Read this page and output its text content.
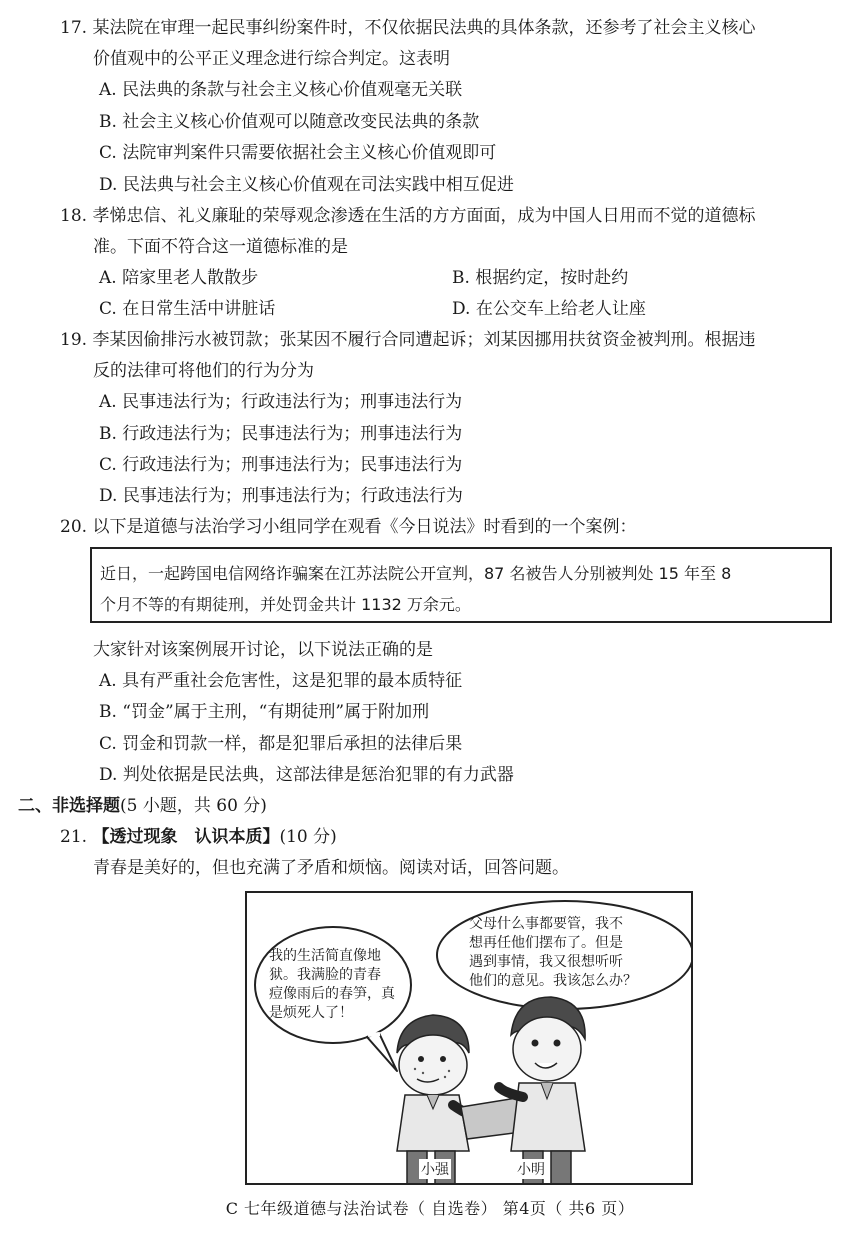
17. 某法院在审理一起民事纠纷案件时，不仅依据民法典的具体条款，还参考了社会主义核心
价值观中的公平正义理念进行综合判定。这表明
A. 民法典的条款与社会主义核心价值观毫无关联
B. 社会主义核心价值观可以随意改变民法典的条款
C. 法院审判案件只需要依据社会主义核心价值观即可
D. 民法典与社会主义核心价值观在司法实践中相互促进
18. 孝悌忠信、礼义廉耻的荣辱观念渗透在生活的方方面面，成为中国人日用而不觉的道德标
准。下面不符合这一道德标准的是
A. 陪家里老人散散步	B. 根据约定，按时赴约
C. 在日常生活中讲脏话	D. 在公交车上给老人让座
19. 李某因偷排污水被罚款；张某因不履行合同遭起诉；刘某因挪用扶贫资金被判刑。根据违
反的法律可将他们的行为分为
A. 民事违法行为；行政违法行为；刑事违法行为
B. 行政违法行为；民事违法行为；刑事违法行为
C. 行政违法行为；刑事违法行为；民事违法行为
D. 民事违法行为；刑事违法行为；行政违法行为
20. 以下是道德与法治学习小组同学在观看《今日说法》时看到的一个案例：
近日，一起跨国电信网络诈骗案在江苏法院公开宣判，87 名被告人分别被判处 15 年至 8
个月不等的有期徒刑，并处罚金共计 1132 万余元。
大家针对该案例展开讨论，以下说法正确的是
A. 具有严重社会危害性，这是犯罪的最本质特征
B. “罚金”属于主刑，“有期徒刑”属于附加刑
C. 罚金和罚款一样，都是犯罪后承担的法律后果
D. 判处依据是民法典，这部法律是惩治犯罪的有力武器
二、非选择题(5 小题，共 60 分)
21. 【透过现象　认识本质】(10 分)
青春是美好的，但也充满了矛盾和烦恼。阅读对话，回答问题。
我的生活简直像地
狱。我满脸的青春
痘像雨后的春笋，真
是烦死人了！
父母什么事都要管，我不
想再任他们摆布了。但是
遇到事情，我又很想听听
他们的意见。我该怎么办？
小强	小明
C 七年级道德与法治试卷（ 自选卷） 第4页（ 共6 页）
